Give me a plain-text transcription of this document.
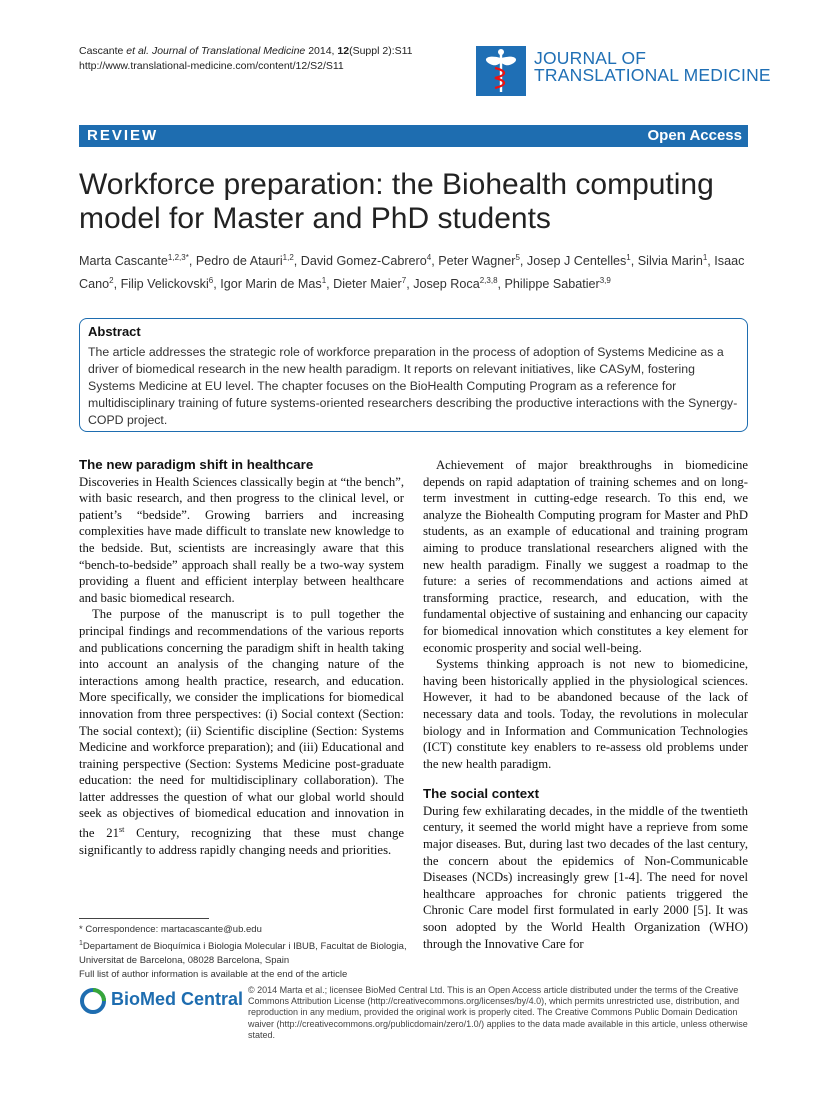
Cascante et al. Journal of Translational Medicine 2014, 12(Suppl 2):S11
http://www.translational-medicine.com/content/12/S2/S11	JOURNAL OF
TRANSLATIONAL MEDICINE
REVIEW	Open Access
Workforce preparation: the Biohealth computing model for Master and PhD students
Marta Cascante$^{1,2,3*}$, Pedro de Atauri$^{1,2}$, David Gomez-Cabrero$^4$, Peter Wagner$^5$, Josep J Centelles$^1$, Silvia Marin$^1$, Isaac Cano$^2$, Filip Velickovski$^6$, Igor Marin de Mas$^1$, Dieter Maier$^7$, Josep Roca$^{2,3,8}$, Philippe Sabatier$^{3,9}$
Abstract
The article addresses the strategic role of workforce preparation in the process of adoption of Systems Medicine as a driver of biomedical research in the new health paradigm. It reports on relevant initiatives, like CASyM, fostering Systems Medicine at EU level. The chapter focuses on the BioHealth Computing Program as a reference for multidisciplinary training of future systems-oriented researchers describing the productive interactions with the Synergy-COPD project.
The new paradigm shift in healthcare

Discoveries in Health Sciences classically begin at “the bench”, with basic research, and then progress to the clinical level, or patient’s “bedside”. Growing barriers and increasing complexities have made difficult to translate new knowledge to the bedside. But, scientists are increasingly aware that this “bench-to-bedside” approach shall really be a two-way system providing a fluent and efficient interplay between healthcare and basic biomedical research.

The purpose of the manuscript is to pull together the principal findings and recommendations of the various reports and publications concerning the paradigm shift in health taking into account an analysis of the changing nature of the interactions among health practice, research, and education. More specifically, we consider the implications for biomedical innovation from three perspectives: (i) Social context (Section: The social context); (ii) Scientific discipline (Section: Systems Medicine and workforce preparation); and (iii) Educational and training perspective (Section: Systems Medicine post-graduate education: the need for multidisciplinary collaboration). The latter addresses the question of what our global world should seek as objectives of biomedical education and innovation in the 21st Century, recognizing that these must change significantly to address rapidly changing needs and priorities.

Achievement of major breakthroughs in biomedicine depends on rapid adaptation of training schemes and on long-term investment in cutting-edge research. To this end, we analyze the Biohealth Computing program for Master and PhD students, as an example of educational and training program aiming to produce translational researchers aligned with the new health paradigm. Finally we suggest a roadmap to the future: a series of recommendations and actions aimed at transforming practice, research, and education, with the fundamental objective of sustaining and enhancing our capacity for biomedical innovation which constitutes a key element for economic prosperity and social well-being.

Systems thinking approach is not new to biomedicine, having been historically applied in the physiological sciences. However, it had to be abandoned because of the lack of necessary data and tools. Today, the revolutions in molecular biology and in Information and Communication Technologies (ICT) constitute key enablers to re-assess old problems under the new health paradigm.

The social context

During few exhilarating decades, in the middle of the twentieth century, it seemed the world might have a reprieve from some major diseases. But, during last two decades of the last century, the concern about the epidemics of Non-Communicable Diseases (NCDs) increasingly grew [1-4]. The need for novel healthcare approaches for chronic patients triggered the Chronic Care model first formulated in early 2000 [5]. It was soon adopted by the World Health Organization (WHO) through the Innovative Care for

* Correspondence: martacascante@ub.edu
$^1$Departament de Bioquímica i Biologia Molecular i IBUB, Facultat de Biologia, Universitat de Barcelona, 08028 Barcelona, Spain
Full list of author information is available at the end of the article
BioMed Central © 2014 Marta et al.; licensee BioMed Central Ltd. This is an Open Access article distributed under the terms of the Creative Commons Attribution License (http://creativecommons.org/licenses/by/4.0), which permits unrestricted use, distribution, and reproduction in any medium, provided the original work is properly cited. The Creative Commons Public Domain Dedication waiver (http://creativecommons.org/publicdomain/zero/1.0/) applies to the data made available in this article, unless otherwise stated.
